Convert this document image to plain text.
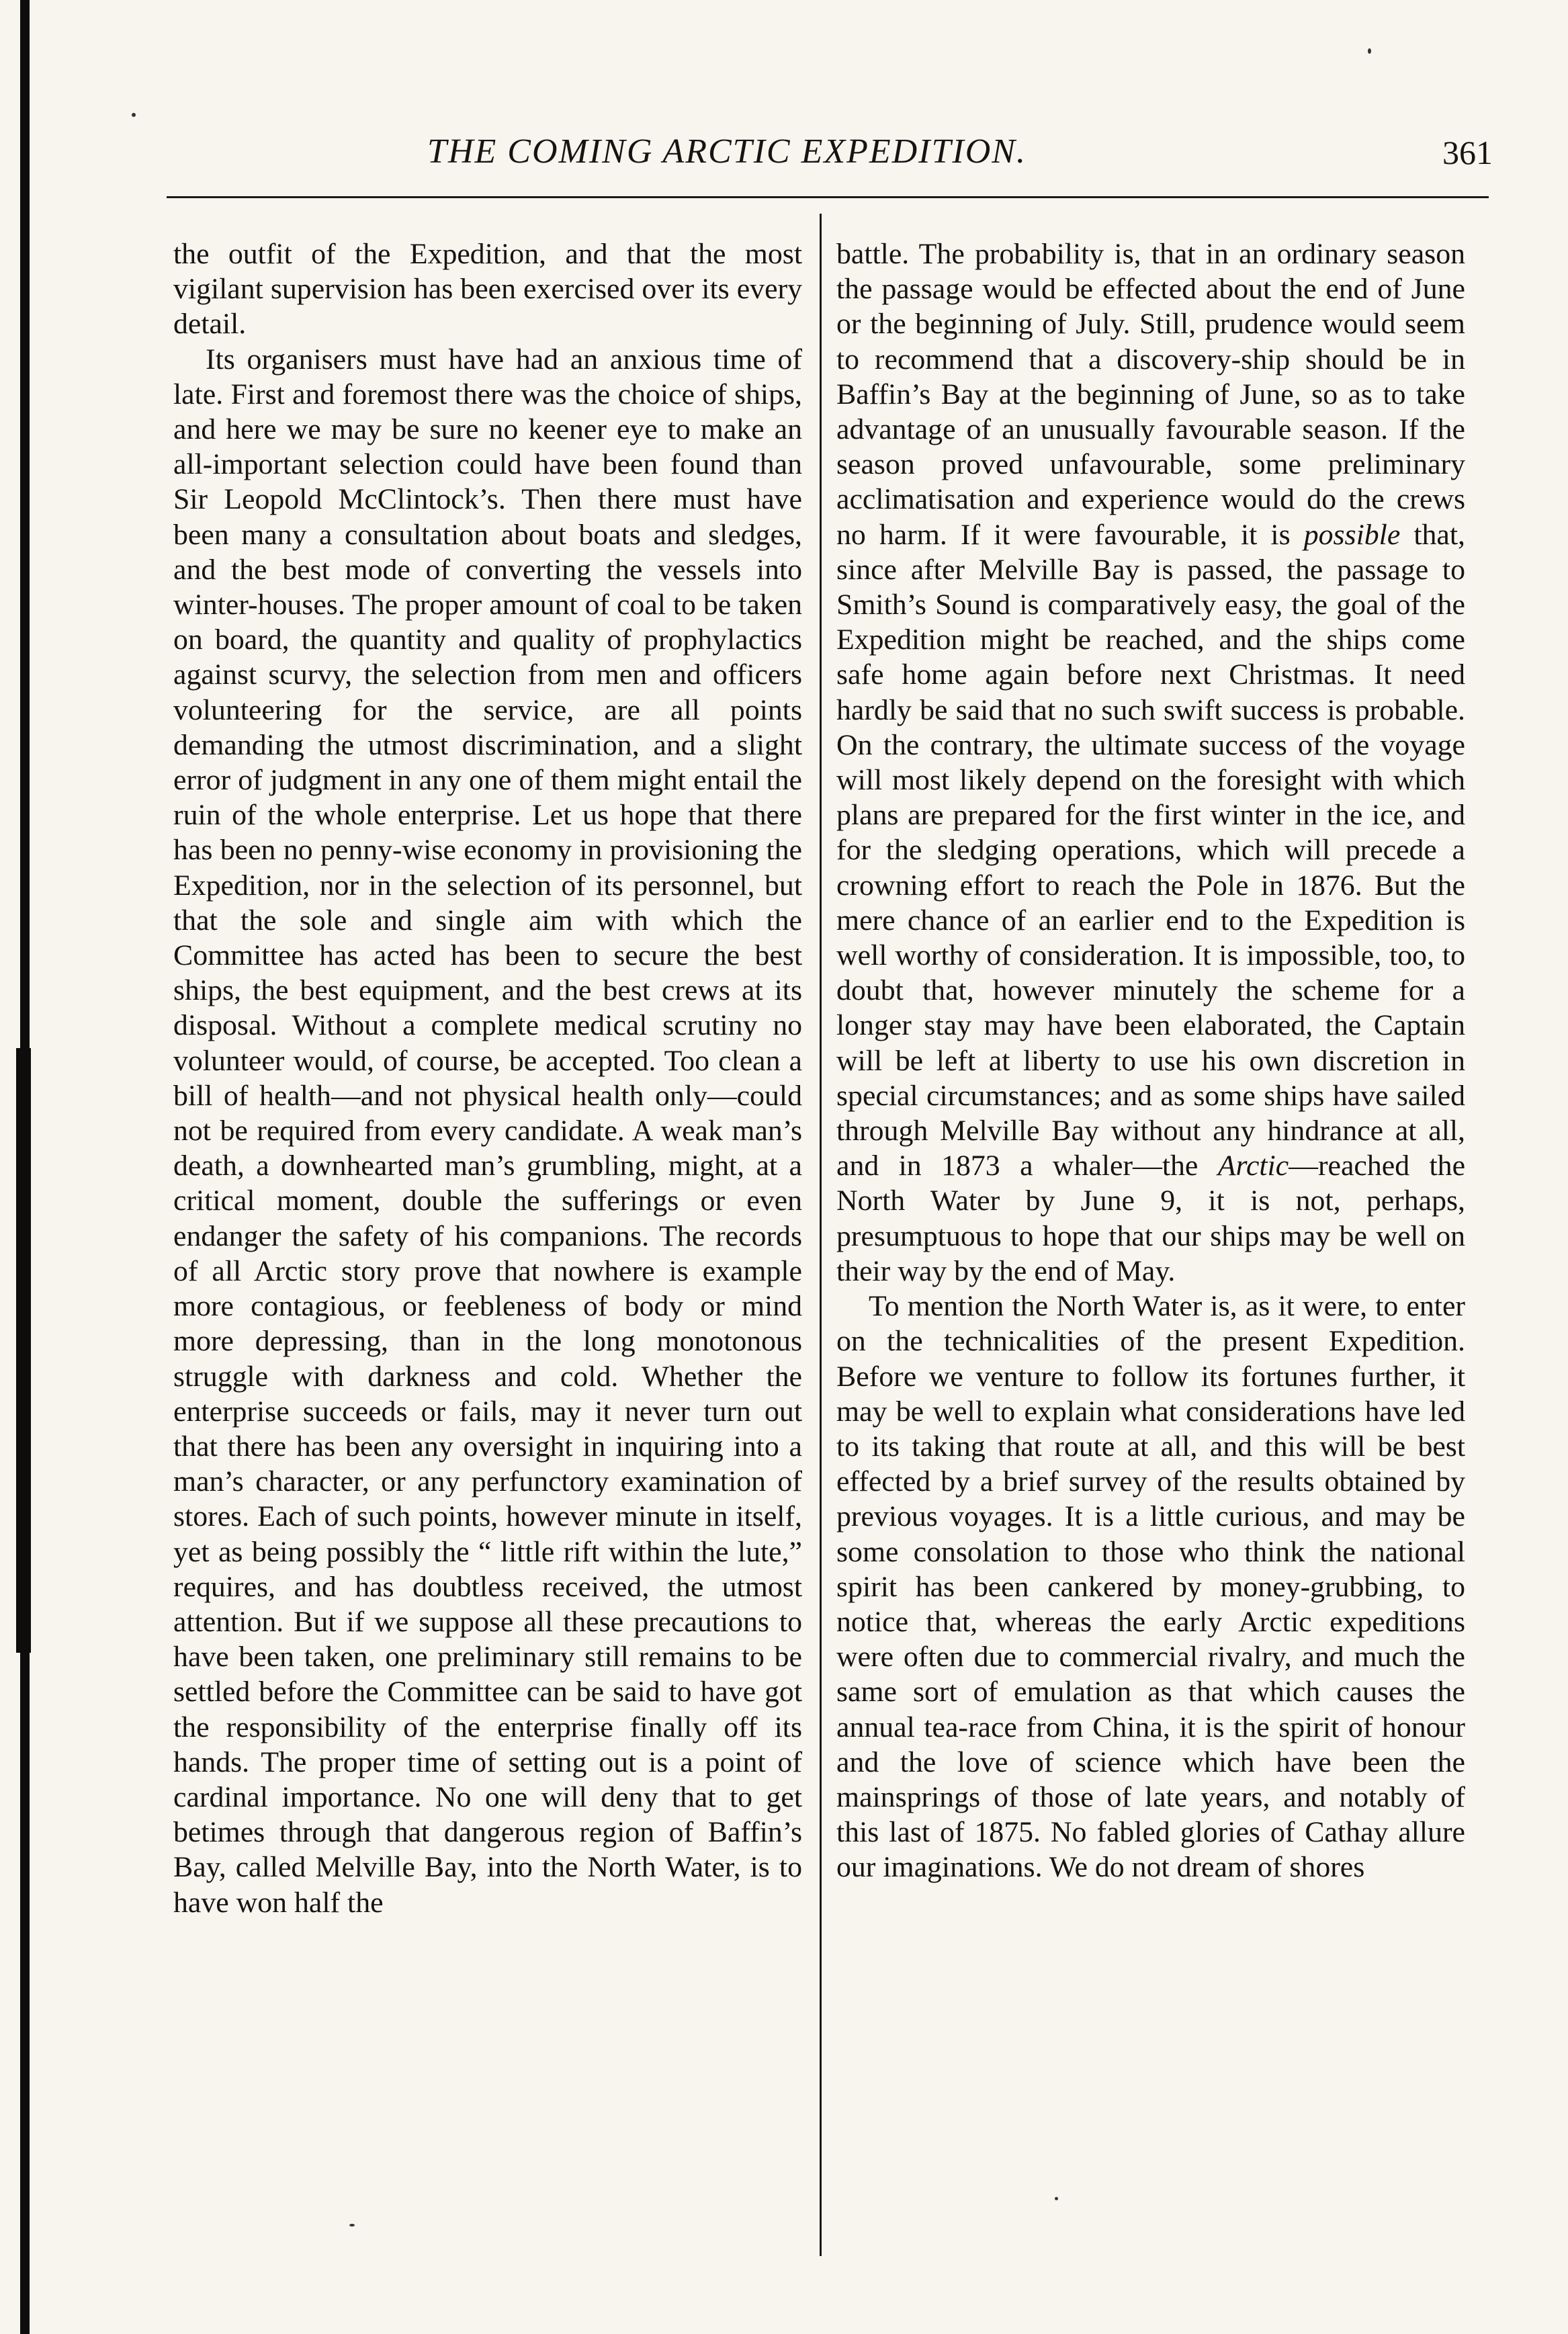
THE COMING ARCTIC EXPEDITION.	361

the outfit of the Expedition, and that the most vigilant supervision has been exercised over its every detail.

Its organisers must have had an anxious time of late. First and foremost there was the choice of ships, and here we may be sure no keener eye to make an all-important selection could have been found than Sir Leopold McClintock’s. Then there must have been many a consultation about boats and sledges, and the best mode of converting the vessels into winter-houses. The proper amount of coal to be taken on board, the quantity and quality of prophylactics against scurvy, the selection from men and officers volunteering for the service, are all points demanding the utmost discrimination, and a slight error of judgment in any one of them might entail the ruin of the whole enterprise. Let us hope that there has been no penny-wise economy in provisioning the Expedition, nor in the selection of its personnel, but that the sole and single aim with which the Committee has acted has been to secure the best ships, the best equipment, and the best crews at its disposal. Without a complete medical scrutiny no volunteer would, of course, be accepted. Too clean a bill of health—and not physical health only—could not be required from every candidate. A weak man’s death, a downhearted man’s grumbling, might, at a critical moment, double the sufferings or even endanger the safety of his companions. The records of all Arctic story prove that nowhere is example more contagious, or feebleness of body or mind more depressing, than in the long monotonous struggle with darkness and cold. Whether the enterprise succeeds or fails, may it never turn out that there has been any oversight in inquiring into a man’s character, or any perfunctory examination of stores. Each of such points, however minute in itself, yet as being possibly the “ little rift within the lute,” requires, and has doubtless received, the utmost attention. But if we suppose all these precautions to have been taken, one preliminary still remains to be settled before the Committee can be said to have got the responsibility of the enterprise finally off its hands. The proper time of setting out is a point of cardinal importance. No one will deny that to get betimes through that dangerous region of Baffin’s Bay, called Melville Bay, into the North Water, is to have won half the

battle. The probability is, that in an ordinary season the passage would be effected about the end of June or the beginning of July. Still, prudence would seem to recommend that a discovery-ship should be in Baffin’s Bay at the beginning of June, so as to take advantage of an unusually favourable season. If the season proved unfavourable, some preliminary acclimatisation and experience would do the crews no harm. If it were favourable, it is possible that, since after Melville Bay is passed, the passage to Smith’s Sound is comparatively easy, the goal of the Expedition might be reached, and the ships come safe home again before next Christmas. It need hardly be said that no such swift success is probable. On the contrary, the ultimate success of the voyage will most likely depend on the foresight with which plans are prepared for the first winter in the ice, and for the sledging operations, which will precede a crowning effort to reach the Pole in 1876. But the mere chance of an earlier end to the Expedition is well worthy of consideration. It is impossible, too, to doubt that, however minutely the scheme for a longer stay may have been elaborated, the Captain will be left at liberty to use his own discretion in special circumstances; and as some ships have sailed through Melville Bay without any hindrance at all, and in 1873 a whaler—the Arctic—reached the North Water by June 9, it is not, perhaps, presumptuous to hope that our ships may be well on their way by the end of May.

To mention the North Water is, as it were, to enter on the technicalities of the present Expedition. Before we venture to follow its fortunes further, it may be well to explain what considerations have led to its taking that route at all, and this will be best effected by a brief survey of the results obtained by previous voyages. It is a little curious, and may be some consolation to those who think the national spirit has been cankered by money-grubbing, to notice that, whereas the early Arctic expeditions were often due to commercial rivalry, and much the same sort of emulation as that which causes the annual tea-race from China, it is the spirit of honour and the love of science which have been the mainsprings of those of late years, and notably of this last of 1875. No fabled glories of Cathay allure our imaginations. We do not dream of shores
